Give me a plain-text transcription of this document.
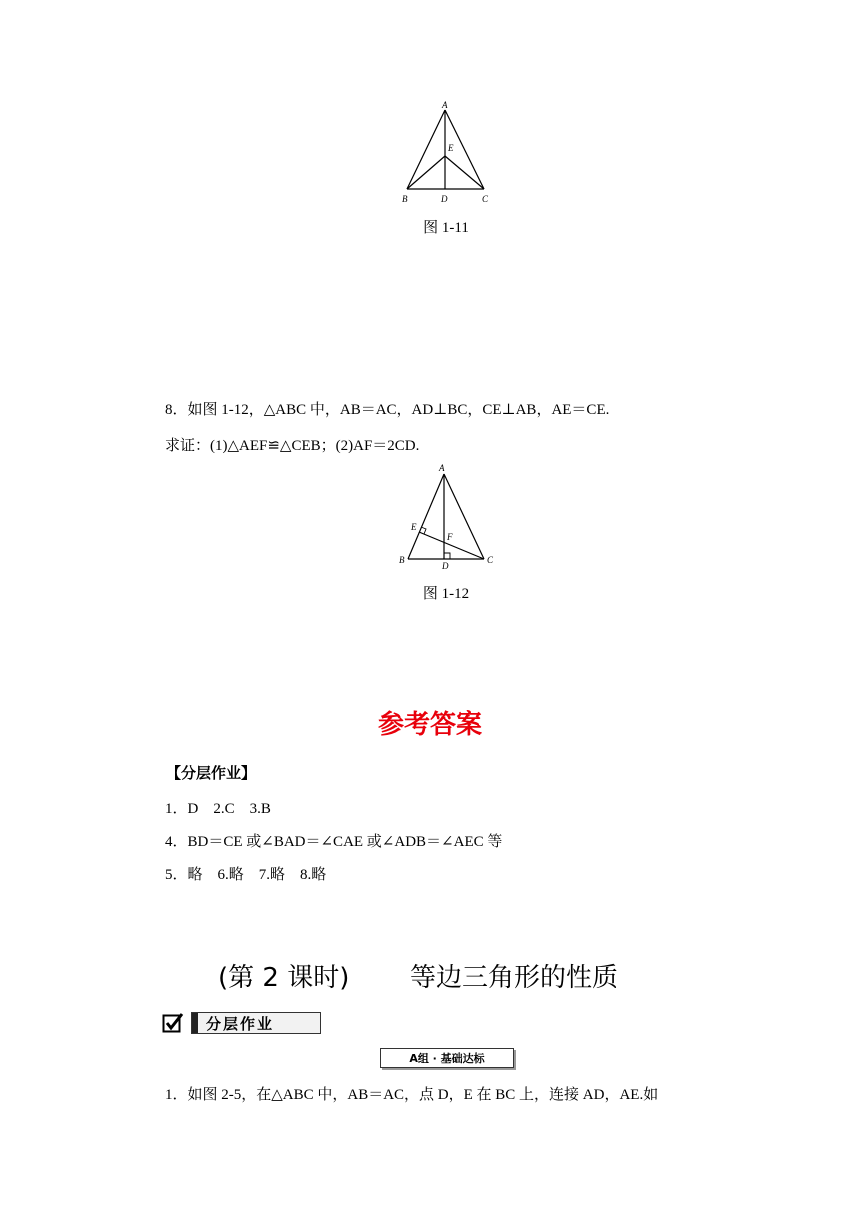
A
E
B	D	C
图 1-11
8．如图 1-12，△ABC 中，AB＝AC，AD⊥BC，CE⊥AB，AE＝CE.
求证：(1)△AEF≌△CEB；(2)AF＝2CD.
A
E
F
B
D
C
图 1-12
参考答案
【分层作业】
1．D　2.C　3.B
4．BD＝CE 或∠BAD＝∠CAE 或∠ADB＝∠AEC 等
5．略　6.略　7.略　8.略
(第 2 课时) 等边三角形的性质
分层作业
A组 · 基础达标
1．如图 2-5，在△ABC 中，AB＝AC，点 D，E 在 BC 上，连接 AD，AE.如
